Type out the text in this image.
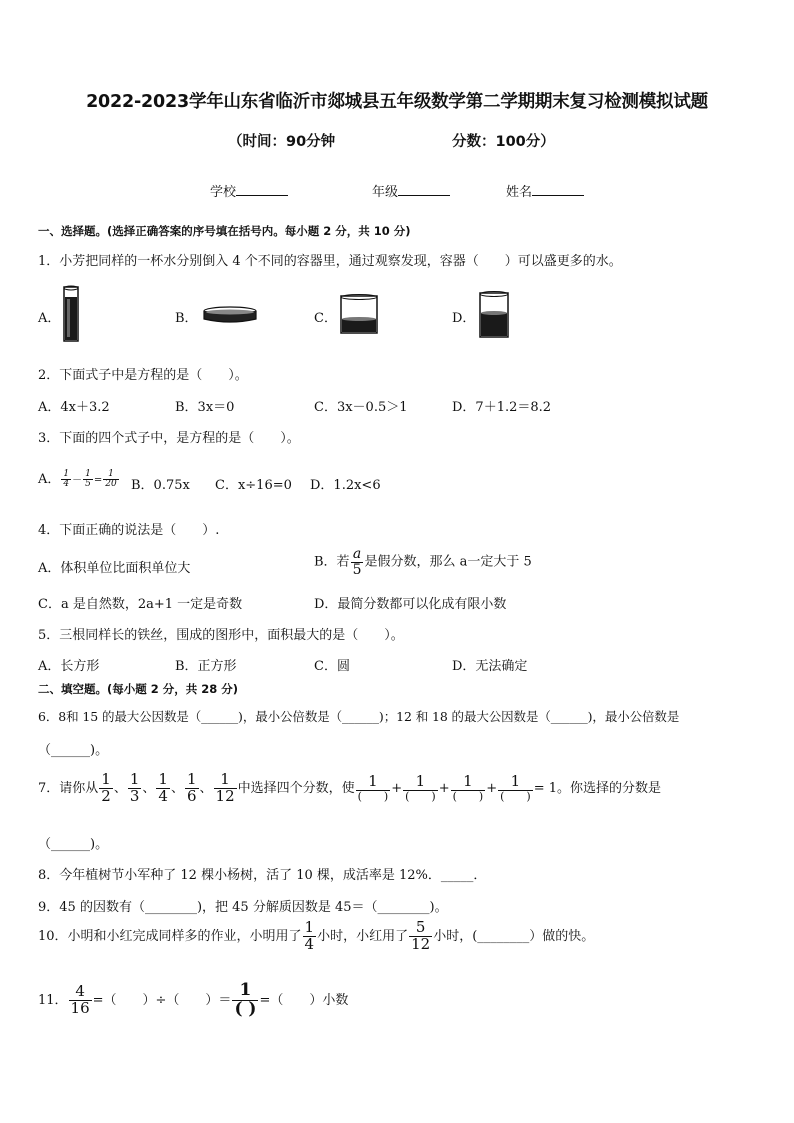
2022-2023学年山东省临沂市郯城县五年级数学第二学期期末复习检测模拟试题
（时间：90分钟	分数：100分）
学校	年级	姓名
一、选择题。(选择正确答案的序号填在括号内。每小题 2 分，共 10 分)
1．小芳把同样的一杯水分别倒入 4 个不同的容器里，通过观察发现，容器（　　）可以盛更多的水。
A．	B．	C．	D．
2．下面式子中是方程的是（　　）。
A．4x＋3.2	B．3x＝0	C．3x－0.5＞1	D．7＋1.2＝8.2
3．下面的四个式子中，是方程的是（　　）。
A． $\frac{1}{4} - \frac{1}{5} = \frac{1}{20}$ B．0.75x C．x÷16=0 D．1.2x<6
4．下面正确的说法是（　　）.
A．体积单位比面积单位大	B．若 $\frac{a}{5}$ 是假分数，那么 a一定大于 5
C．a 是自然数，2a+1 一定是奇数	D．最简分数都可以化成有限小数
5．三根同样长的铁丝，围成的图形中，面积最大的是（　　）。
A．长方形	B．正方形	C．圆	D．无法确定
二、填空题。(每小题 2 分，共 28 分)
6．8和 15 的最大公因数是（______)，最小公倍数是（______)；12 和 18 的最大公因数是（______)，最小公倍数是
（______)。
7．请你从 $\frac{1}{2}$ 、 $\frac{1}{3}$ 、 $\frac{1}{4}$ 、 $\frac{1}{6}$ 、 $\frac{1}{12}$ 中选择四个分数，使 $\frac{1}{( )} + \frac{1}{( )} + \frac{1}{( )} + \frac{1}{( )} = 1$。你选择的分数是
（______)。
8．今年植树节小军种了 12 棵小杨树，活了 10 棵，成活率是 12%．_____．
9．45 的因数有（________)，把 45 分解质因数是 45＝（________)。
10．小明和小红完成同样多的作业，小明用了 $\frac{1}{4}$ 小时，小红用了 $\frac{5}{12}$ 小时，(________）做的快。
11． $\frac{4}{16}$ =（　　）÷（　　）＝ $\frac{1}{( )}$ =（　　）小数
